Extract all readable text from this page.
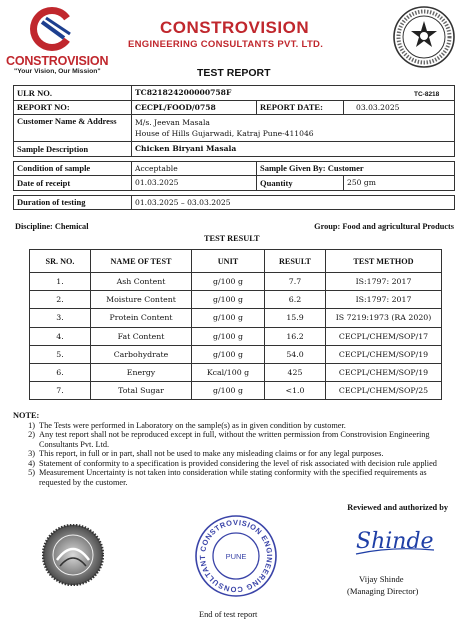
CONSTROVISION
"Your Vision, Our Mission"
CONSTROVISION
ENGINEERING CONSULTANTS PVT. LTD.
TEST REPORT
TC-8218
ULR NO.	TC821824200000758F		
REPORT NO:	CECPL/FOOD/0758	REPORT DATE:	03.03.2025
Customer Name & Address	M/s. Jeevan Masala
House of Hills Gujarwadi, Katraj Pune-411046		

Sample Description	Chicken Biryani Masala		

Condition of sample	Acceptable	Sample Given By: Customer	
Date of receipt	01.03.2025	Quantity	250 gm

Duration of testing	01.03.2025 – 03.03.2025		
Discipline: Chemical	Group: Food and agricultural Products
TEST RESULT
SR. NO.	NAME OF TEST	UNIT	RESULT	TEST METHOD
1.	Ash Content	g/100 g	7.7	IS:1797: 2017
2.	Moisture Content	g/100 g	6.2	IS:1797: 2017
3.	Protein Content	g/100 g	15.9	IS 7219:1973 (RA 2020)
4.	Fat Content	g/100 g	16.2	CECPL/CHEM/SOP/17
5.	Carbohydrate	g/100 g	54.0	CECPL/CHEM/SOP/19
6.	Energy	Kcal/100 g	425	CECPL/CHEM/SOP/19
7.	Total Sugar	g/100 g	<1.0	CECPL/CHEM/SOP/25
NOTE:
1) The Tests were performed in Laboratory on the sample(s) as in given condition by customer.
2) Any test report shall not be reproduced except in full, without the written permission from Constrovision Engineering Consultants Pvt. Ltd.
3) This report, in full or in part, shall not be used to make any misleading claims or for any legal purposes.
4) Statement of conformity to a specification is provided considering the level of risk associated with decision rule applied
5) Measurement Uncertainty is not taken into consideration while stating conformity with the specified requirements as requested by the customer.
Reviewed and authorized by
CONSTROVISION ENGINEERING CONSULTANT	PUNE
Shinde
Vijay Shinde
(Managing Director)
End of test report
